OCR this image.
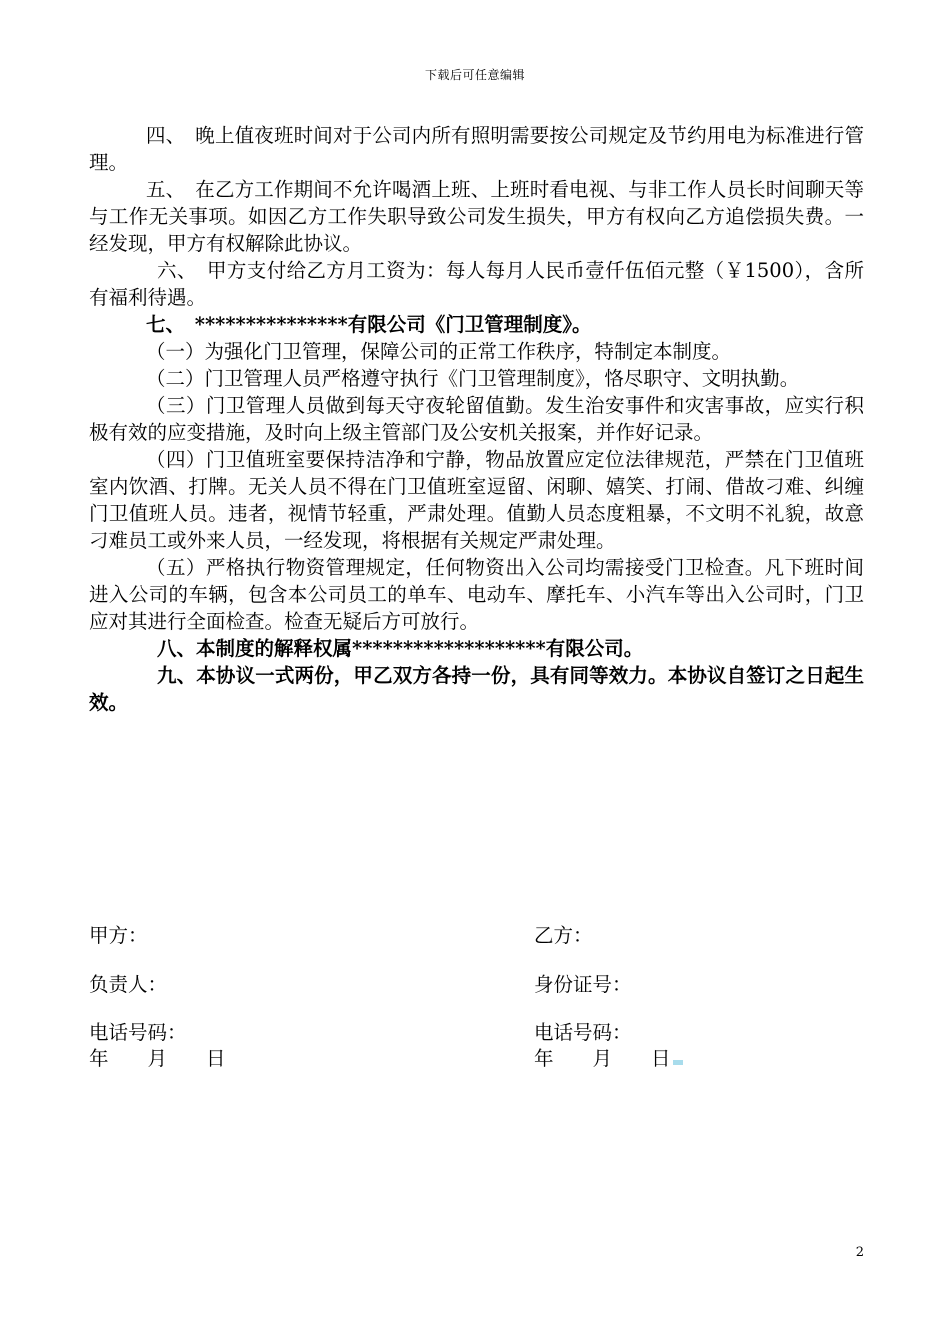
下载后可任意编辑

四、　晚上值夜班时间对于公司内所有照明需要按公司规定及节约用电为标准进行管理。

五、　在乙方工作期间不允许喝酒上班、上班时看电视、与非工作人员长时间聊天等与工作无关事项。如因乙方工作失职导致公司发生损失，甲方有权向乙方追偿损失费。一经发现，甲方有权解除此协议。

六、　甲方支付给乙方月工资为：每人每月人民币壹仟伍佰元整（￥1500），含所有福利待遇。

七、　***************有限公司《门卫管理制度》。

（一）为强化门卫管理，保障公司的正常工作秩序，特制定本制度。

（二）门卫管理人员严格遵守执行《门卫管理制度》，恪尽职守、文明执勤。

（三）门卫管理人员做到每天守夜轮留值勤。发生治安事件和灾害事故，应实行积极有效的应变措施，及时向上级主管部门及公安机关报案，并作好记录。

（四）门卫值班室要保持洁净和宁静，物品放置应定位法律规范，严禁在门卫值班室内饮酒、打牌。无关人员不得在门卫值班室逗留、闲聊、嬉笑、打闹、借故刁难、纠缠门卫值班人员。违者，视情节轻重，严肃处理。值勤人员态度粗暴，不文明不礼貌，故意刁难员工或外来人员，一经发现，将根据有关规定严肃处理。

（五）严格执行物资管理规定，任何物资出入公司均需接受门卫检查。凡下班时间进入公司的车辆，包含本公司员工的单车、电动车、摩托车、小汽车等出入公司时，门卫应对其进行全面检查。检查无疑后方可放行。

八、本制度的解释权属*******************有限公司。

九、本协议一式两份，甲乙双方各持一份，具有同等效力。本协议自签订之日起生效。

甲方：	乙方：
负责人：	身份证号：
电话号码：	电话号码：
年　　月　　日	年　　月　　日
2
